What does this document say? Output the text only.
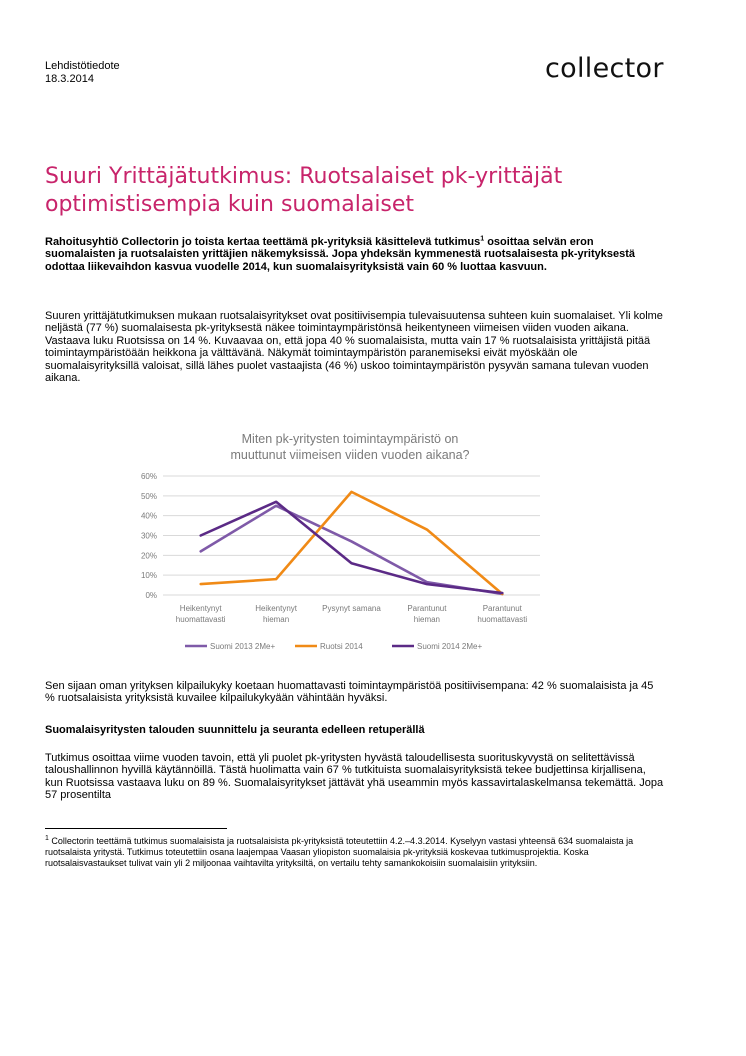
Lehdistötiedote
18.3.2014	collector
Suuri Yrittäjätutkimus: Ruotsalaiset pk-yrittäjät
optimistisempia kuin suomalaiset
Rahoitusyhtiö Collectorin jo toista kertaa teettämä pk-yrityksiä käsittelevä tutkimus$^1$ osoittaa selvän eron suomalaisten ja ruotsalaisten yrittäjien näkemyksissä. Jopa yhdeksän kymmenestä ruotsalaisesta pk-yrityksestä odottaa liikevaihdon kasvua vuodelle 2014, kun suomalaisyrityksistä vain 60 % luottaa kasvuun.
Suuren yrittäjätutkimuksen mukaan ruotsalaisyritykset ovat positiivisempia tulevaisuutensa suhteen kuin suomalaiset. Yli kolme neljästä (77 %) suomalaisesta pk-yrityksestä näkee toimintaympäristönsä heikentyneen viimeisen viiden vuoden aikana. Vastaava luku Ruotsissa on 14 %. Kuvaavaa on, että jopa 40 % suomalaisista, mutta vain 17 % ruotsalaisista yrittäjistä pitää toimintaympäristöään heikkona ja välttävänä. Näkymät toimintaympäristön paranemiseksi eivät myöskään ole suomalaisyrityksillä valoisat, sillä lähes puolet vastaajista (46 %) uskoo toimintaympäristön pysyvän samana tulevan vuoden aikana.
Miten pk-yritysten toimintaympäristö on
muuttunut viimeisen viiden vuoden aikana?
0%
10%
20%
30%
40%
50%
60%
Heikentynyt
huomattavasti
Heikentynyt
hieman
Pysynyt samana	Parantunut
hieman
Parantunut
huomattavasti
Suomi 2013 2Me+	Ruotsi 2014	Suomi 2014 2Me+
Sen sijaan oman yrityksen kilpailukyky koetaan huomattavasti toimintaympäristöä positiivisempana: 42 % suomalaisista ja 45 % ruotsalaisista yrityksistä kuvailee kilpailukykyään vähintään hyväksi.
Suomalaisyritysten talouden suunnittelu ja seuranta edelleen retuperällä
Tutkimus osoittaa viime vuoden tavoin, että yli puolet pk-yritysten hyvästä taloudellisesta suorituskyvystä on selitettävissä taloushallinnon hyvillä käytännöillä. Tästä huolimatta vain 67 % tutkituista suomalaisyrityksistä tekee budjettinsa kirjallisena, kun Ruotsissa vastaava luku on 89 %. Suomalaisyritykset jättävät yhä useammin myös kassavirtalaskelmansa tekemättä. Jopa 57 prosentilta
$^1$ Collectorin teettämä tutkimus suomalaisista ja ruotsalaisista pk-yrityksistä toteutettiin 4.2.–4.3.2014. Kyselyyn vastasi yhteensä 634 suomalaista ja ruotsalaista yritystä. Tutkimus toteutettiin osana laajempaa Vaasan yliopiston suomalaisia pk-yrityksiä koskevaa tutkimusprojektia. Koska ruotsalaisvastaukset tulivat vain yli 2 miljoonaa vaihtavilta yrityksiltä, on vertailu tehty samankokoisiin suomalaisiin yrityksiin.
